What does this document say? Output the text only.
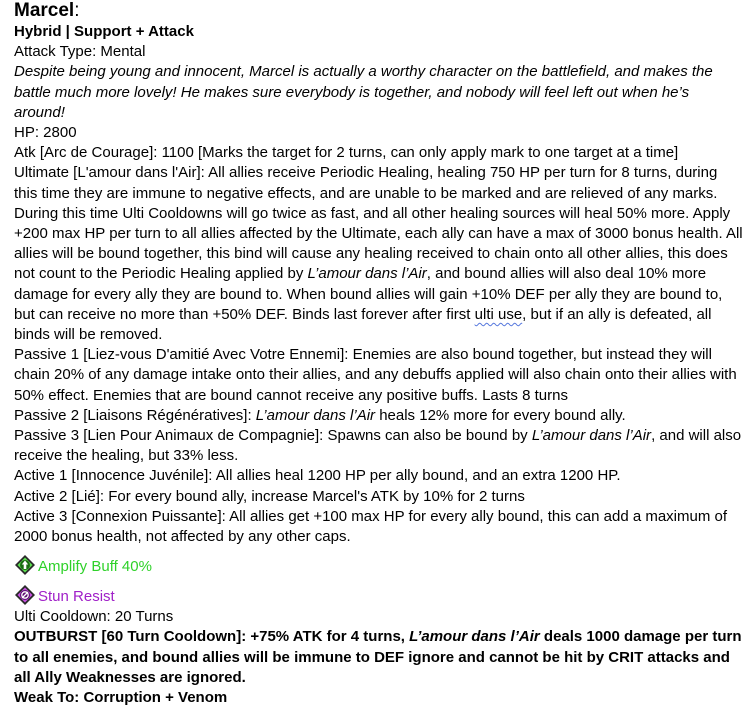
Marcel:

Hybrid | Support + Attack

Attack Type: Mental

Despite being young and innocent, Marcel is actually a worthy character on the battlefield, and makes the battle much more lovely! He makes sure everybody is together, and nobody will feel left out when he’s around!

HP: 2800

Atk [Arc de Courage]: 1100 [Marks the target for 2 turns, can only apply mark to one target at a time]

Ultimate [L'amour dans l'Air]: All allies receive Periodic Healing, healing 750 HP per turn for 8 turns, during this time they are immune to negative effects, and are unable to be marked and are relieved of any marks. During this time Ulti Cooldowns will go twice as fast, and all other healing sources will heal 50% more. Apply +200 max HP per turn to all allies affected by the Ultimate, each ally can have a max of 3000 bonus health. All allies will be bound together, this bind will cause any healing received to chain onto all other allies, this does not count to the Periodic Healing applied by L’amour dans l’Air, and bound allies will also deal 10% more damage for every ally they are bound to. When bound allies will gain +10% DEF per ally they are bound to, but can receive no more than +50% DEF. Binds last forever after first ulti use, but if an ally is defeated, all binds will be removed.

Passive 1 [Liez-vous D'amitié Avec Votre Ennemi]: Enemies are also bound together, but instead they will chain 20% of any damage intake onto their allies, and any debuffs applied will also chain onto their allies with 50% effect. Enemies that are bound cannot receive any positive buffs. Lasts 8 turns

Passive 2 [Liaisons Régénératives]: L’amour dans l’Air heals 12% more for every bound ally.

Passive 3 [Lien Pour Animaux de Compagnie]: Spawns can also be bound by L’amour dans l’Air, and will also receive the healing, but 33% less.

Active 1 [Innocence Juvénile]: All allies heal 1200 HP per ally bound, and an extra 1200 HP.

Active 2 [Lié]: For every bound ally, increase Marcel's ATK by 10% for 2 turns

Active 3 [Connexion Puissante]: All allies get +100 max HP for every ally bound, this can add a maximum of 2000 bonus health, not affected by any other caps.

Amplify Buff 40%
Stun Resist

Ulti Cooldown: 20 Turns

OUTBURST [60 Turn Cooldown]: +75% ATK for 4 turns, L’amour dans l’Air deals 1000 damage per turn to all enemies, and bound allies will be immune to DEF ignore and cannot be hit by CRIT attacks and all Ally Weaknesses are ignored.

Weak To: Corruption + Venom
